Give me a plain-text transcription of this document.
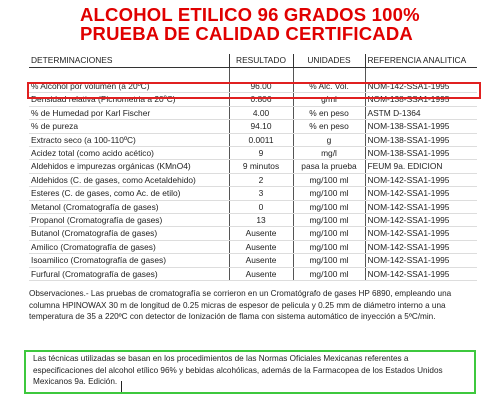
ALCOHOL ETILICO 96 GRADOS 100%
PRUEBA DE CALIDAD CERTIFICADA
DETERMINACIONES	RESULTADO	UNIDADES	REFERENCIA ANALITICA

% Alcohol por volumen (a 20ºC)	96.00	% Alc. Vol.	NOM-142-SSA1-1995
Densidad relativa (Picnometria a 20ºC)	0.806	g/ml	NOM-138-SSA1-1995
% de Humedad por Karl Fischer	4.00	% en peso	ASTM D-1364
% de pureza	94.10	% en peso	NOM-138-SSA1-1995
Extracto seco (a 100-110ºC)	0.0011	g	NOM-138-SSA1-1995
Acidez total (como acido acético)	9	mg/l	NOM-138-SSA1-1995
Aldehidos e impurezas orgánicas (KMnO4)	9 minutos	pasa la prueba	FEUM 9a. EDICION
Aldehidos (C. de gases, como Acetaldehido)	2	mg/100 ml	NOM-142-SSA1-1995
Esteres (C. de gases, como Ac. de etilo)	3	mg/100 ml	NOM-142-SSA1-1995
Metanol (Cromatografía de gases)	0	mg/100 ml	NOM-142-SSA1-1995
Propanol (Cromatografía de gases)	13	mg/100 ml	NOM-142-SSA1-1995
Butanol (Cromatografía de gases)	Ausente	mg/100 ml	NOM-142-SSA1-1995
Amilico (Cromatografía de gases)	Ausente	mg/100 ml	NOM-142-SSA1-1995
Isoamilico (Cromatografía de gases)	Ausente	mg/100 ml	NOM-142-SSA1-1995
Furfural (Cromatografía de gases)	Ausente	mg/100 ml	NOM-142-SSA1-1995
Observaciones.- Las pruebas de cromatografía se corrieron en un Cromatógrafo de gases HP 6890, empleando una columna HPINOWAX 30 m de longitud de 0.25 micras de espesor de pelicula y 0.25 mm de diámetro interno a una temperatura de 35 a 220ºC con detector de Ionización de flama con sistema automático de inyección a 5ºC/min.
Las técnicas utilizadas se basan en los procedimientos de las Normas Oficiales Mexicanas referentes a especificaciones del alcohol etílico 96% y bebidas alcohólicas, además de la Farmacopea de los Estados Unidos Mexicanos 9a. Edición.
